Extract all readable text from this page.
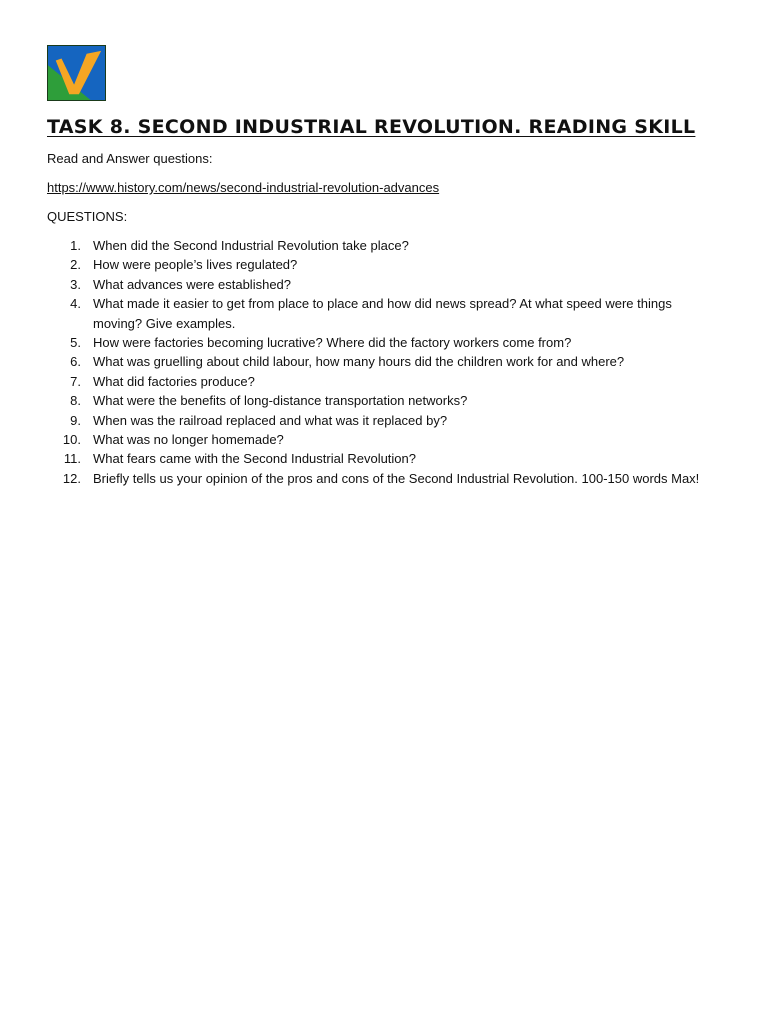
TASK 8. SECOND INDUSTRIAL REVOLUTION. READING SKILL

Read and Answer questions:

https://www.history.com/news/second-industrial-revolution-advances

QUESTIONS:

1. When did the Second Industrial Revolution take place?
2. How were people’s lives regulated?
3. What advances were established?
4. What made it easier to get from place to place and how did news spread? At what speed were things moving? Give examples.
5. How were factories becoming lucrative? Where did the factory workers come from?
6. What was gruelling about child labour, how many hours did the children work for and where?
7. What did factories produce?
8. What were the benefits of long-distance transportation networks?
9. When was the railroad replaced and what was it replaced by?
10. What was no longer homemade?
11. What fears came with the Second Industrial Revolution?
12. Briefly tells us your opinion of the pros and cons of the Second Industrial Revolution. 100-150 words Max!
